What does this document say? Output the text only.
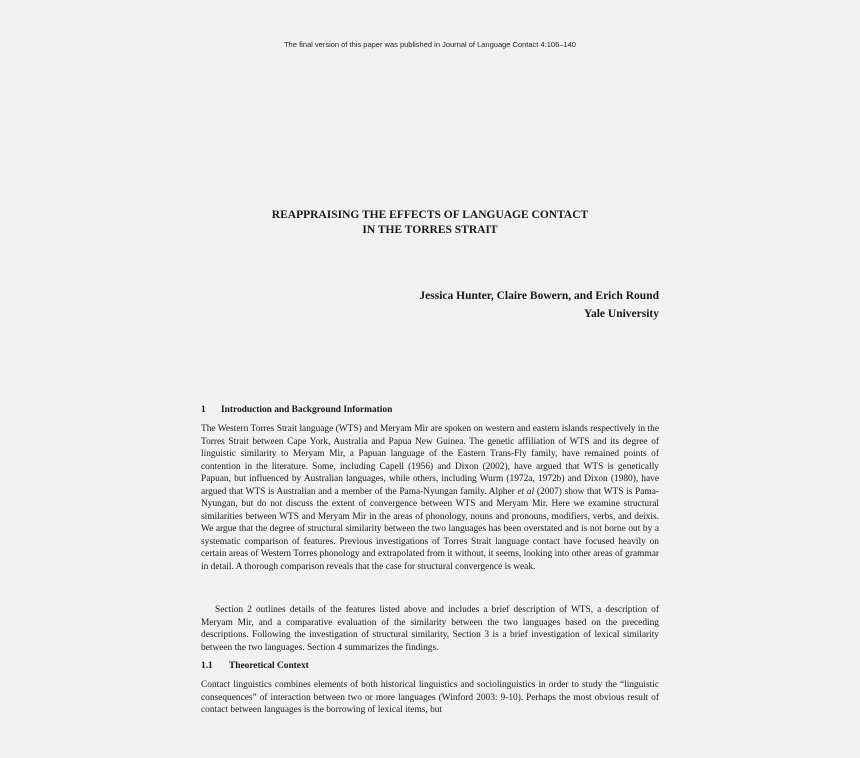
The final version of this paper was published in Journal of Language Contact 4:106–140
REAPPRAISING THE EFFECTS OF LANGUAGE CONTACT
IN THE TORRES STRAIT
Jessica Hunter, Claire Bowern, and Erich Round
Yale University
1 Introduction and Background Information

The Western Torres Strait language (WTS) and Meryam Mir are spoken on western and eastern islands respectively in the Torres Strait between Cape York, Australia and Papua New Guinea. The genetic affiliation of WTS and its degree of linguistic similarity to Meryam Mir, a Papuan language of the Eastern Trans-Fly family, have remained points of contention in the literature. Some, including Capell (1956) and Dixon (2002), have argued that WTS is genetically Papuan, but influenced by Australian languages, while others, including Wurm (1972a, 1972b) and Dixon (1980), have argued that WTS is Australian and a member of the Pama-Nyungan family. Alpher et al (2007) show that WTS is Pama-Nyungan, but do not discuss the extent of convergence between WTS and Meryam Mir. Here we examine structural similarities between WTS and Meryam Mir in the areas of phonology, nouns and pronouns, modifiers, verbs, and deixis. We argue that the degree of structural similarity between the two languages has been overstated and is not borne out by a systematic comparison of features. Previous investigations of Torres Strait language contact have focused heavily on certain areas of Western Torres phonology and extrapolated from it without, it seems, looking into other areas of grammar in detail. A thorough comparison reveals that the case for structural convergence is weak.

Section 2 outlines details of the features listed above and includes a brief description of WTS, a description of Meryam Mir, and a comparative evaluation of the similarity between the two languages based on the preceding descriptions. Following the investigation of structural similarity, Section 3 is a brief investigation of lexical similarity between the two languages. Section 4 summarizes the findings.

1.1 Theoretical Context

Contact linguistics combines elements of both historical linguistics and sociolinguistics in order to study the “linguistic consequences” of interaction between two or more languages (Winford 2003: 9-10). Perhaps the most obvious result of contact between languages is the borrowing of lexical items, but
